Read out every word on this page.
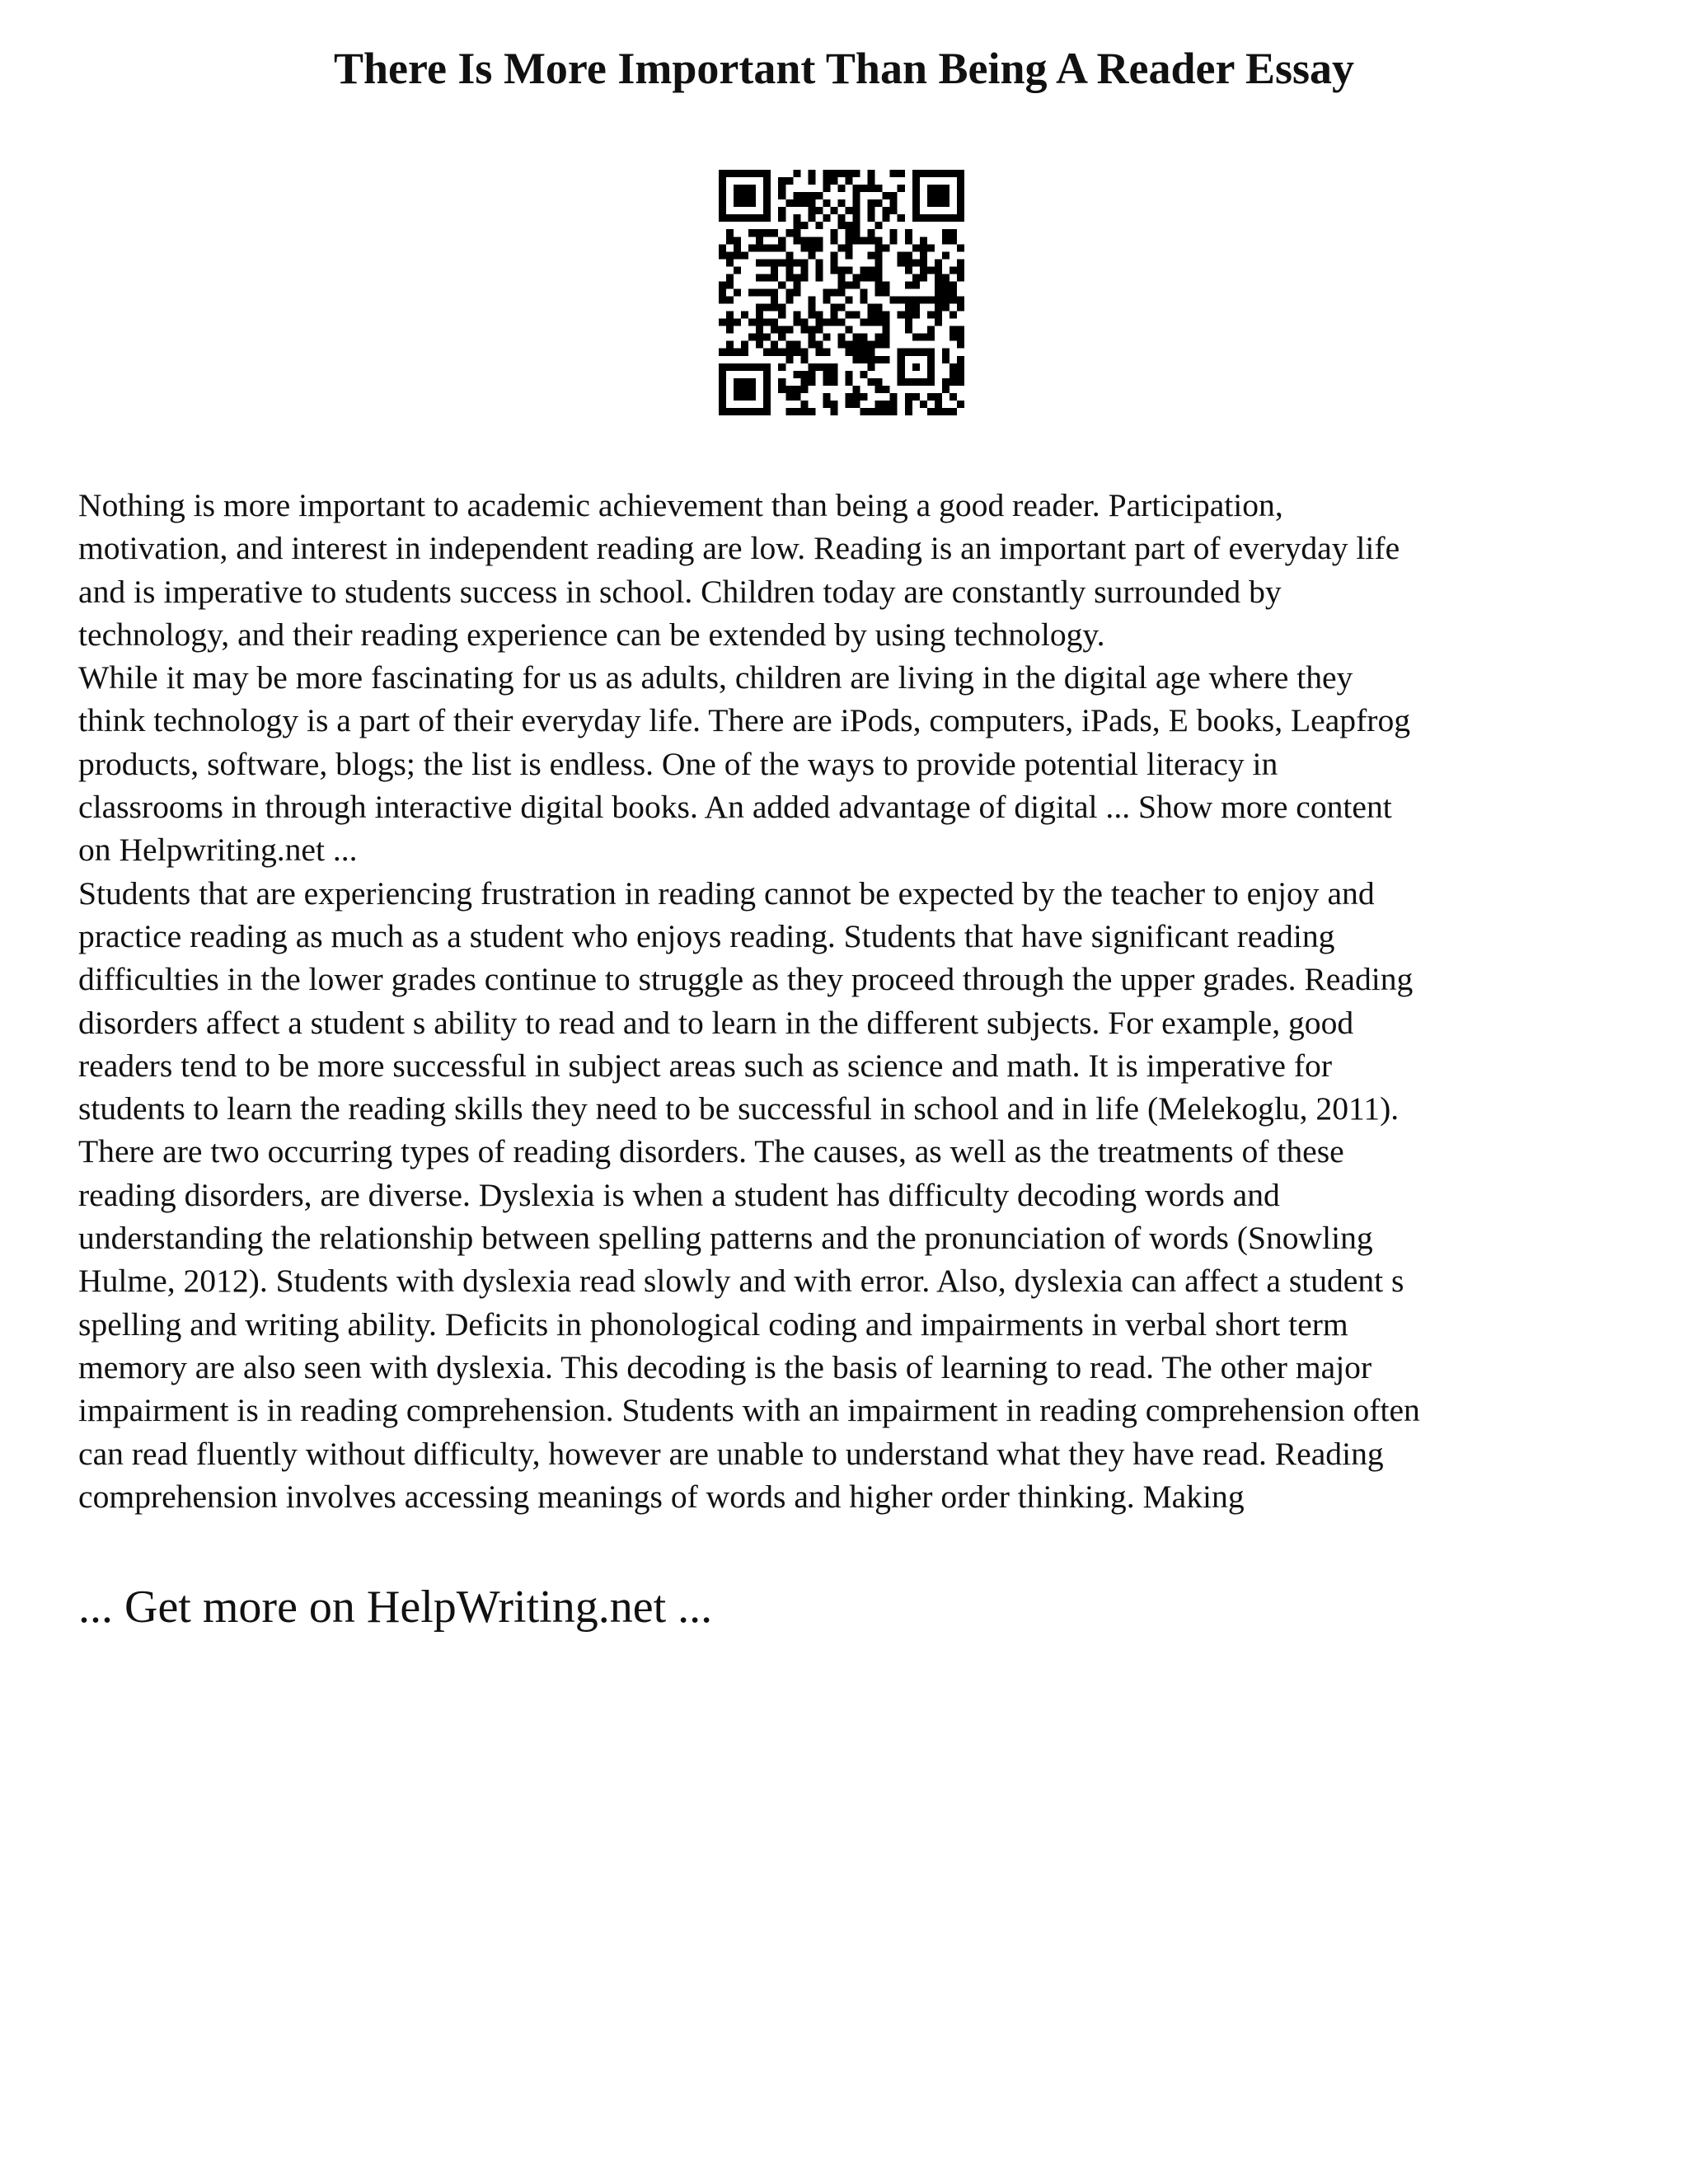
There Is More Important Than Being A Reader Essay
Nothing is more important to academic achievement than being a good reader. Participation,
motivation, and interest in independent reading are low. Reading is an important part of everyday life
and is imperative to students success in school. Children today are constantly surrounded by
technology, and their reading experience can be extended by using technology.
While it may be more fascinating for us as adults, children are living in the digital age where they
think technology is a part of their everyday life. There are iPods, computers, iPads, E books, Leapfrog
products, software, blogs; the list is endless. One of the ways to provide potential literacy in
classrooms in through interactive digital books. An added advantage of digital ... Show more content
on Helpwriting.net ...
Students that are experiencing frustration in reading cannot be expected by the teacher to enjoy and
practice reading as much as a student who enjoys reading. Students that have significant reading
difficulties in the lower grades continue to struggle as they proceed through the upper grades. Reading
disorders affect a student s ability to read and to learn in the different subjects. For example, good
readers tend to be more successful in subject areas such as science and math. It is imperative for
students to learn the reading skills they need to be successful in school and in life (Melekoglu, 2011).
There are two occurring types of reading disorders. The causes, as well as the treatments of these
reading disorders, are diverse. Dyslexia is when a student has difficulty decoding words and
understanding the relationship between spelling patterns and the pronunciation of words (Snowling
Hulme, 2012). Students with dyslexia read slowly and with error. Also, dyslexia can affect a student s
spelling and writing ability. Deficits in phonological coding and impairments in verbal short term
memory are also seen with dyslexia. This decoding is the basis of learning to read. The other major
impairment is in reading comprehension. Students with an impairment in reading comprehension often
can read fluently without difficulty, however are unable to understand what they have read. Reading
comprehension involves accessing meanings of words and higher order thinking. Making
... Get more on HelpWriting.net ...
